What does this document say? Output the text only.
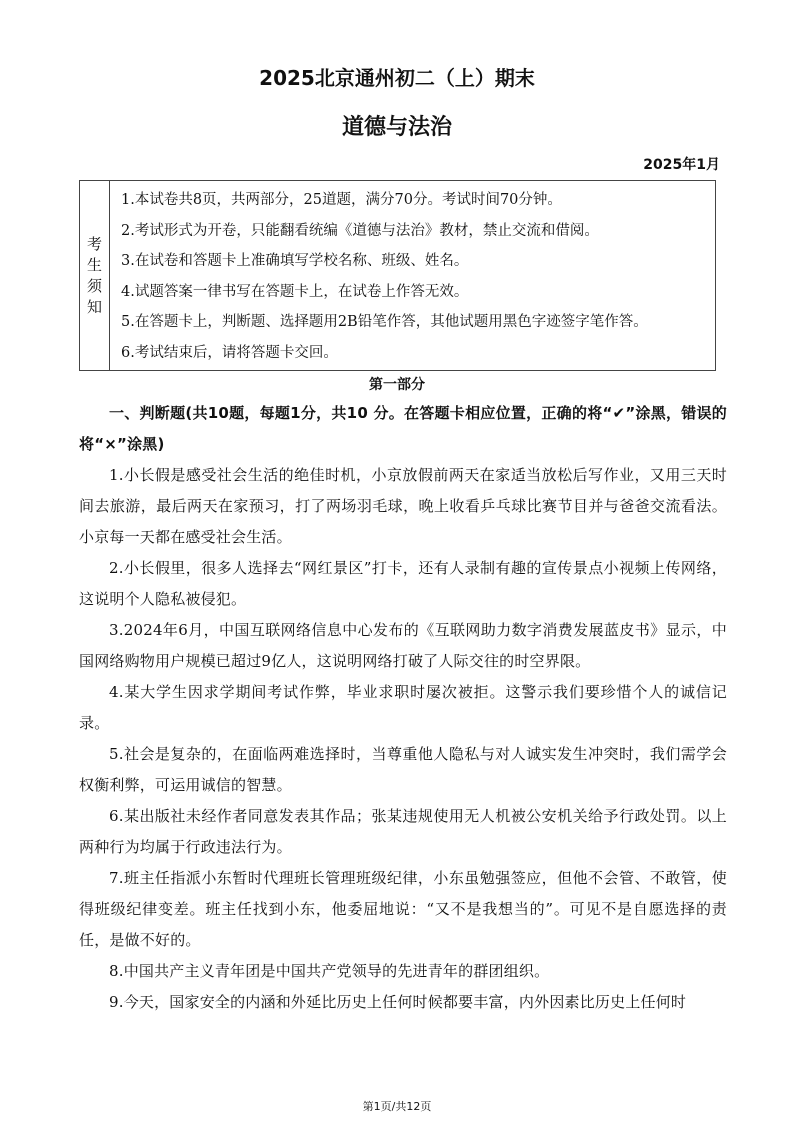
2025北京通州初二（上）期末
道德与法治
2025年1月
考
生
须
知
1.本试卷共8页，共两部分，25道题，满分70分。考试时间70分钟。
2.考试形式为开卷，只能翻看统编《道德与法治》教材，禁止交流和借阅。
3.在试卷和答题卡上准确填写学校名称、班级、姓名。
4.试题答案一律书写在答题卡上，在试卷上作答无效。
5.在答题卡上，判断题、选择题用2B铅笔作答，其他试题用黑色字迹签字笔作答。
6.考试结束后，请将答题卡交回。
第一部分

一、判断题(共10题，每题1分，共10 分。在答题卡相应位置，正确的将“✔”涂黑，错误的将“×”涂黑)

1.小长假是感受社会生活的绝佳时机，小京放假前两天在家适当放松后写作业，又用三天时间去旅游，最后两天在家预习，打了两场羽毛球，晚上收看乒乓球比赛节目并与爸爸交流看法。小京每一天都在感受社会生活。

2.小长假里，很多人选择去“网红景区”打卡，还有人录制有趣的宣传景点小视频上传网络，这说明个人隐私被侵犯。

3.2024年6月，中国互联网络信息中心发布的《互联网助力数字消费发展蓝皮书》显示，中国网络购物用户规模已超过9亿人，这说明网络打破了人际交往的时空界限。

4.某大学生因求学期间考试作弊，毕业求职时屡次被拒。这警示我们要珍惜个人的诚信记录。

5.社会是复杂的，在面临两难选择时，当尊重他人隐私与对人诚实发生冲突时，我们需学会权衡利弊，可运用诚信的智慧。

6.某出版社未经作者同意发表其作品；张某违规使用无人机被公安机关给予行政处罚。以上两种行为均属于行政违法行为。

7.班主任指派小东暂时代理班长管理班级纪律，小东虽勉强签应，但他不会管、不敢管，使得班级纪律变差。班主任找到小东，他委屈地说：“又不是我想当的”。可见不是自愿选择的责任，是做不好的。

8.中国共产主义青年团是中国共产党领导的先进青年的群团组织。

9.今天，国家安全的内涵和外延比历史上任何时候都要丰富，内外因素比历史上任何时

第1页/共12页
